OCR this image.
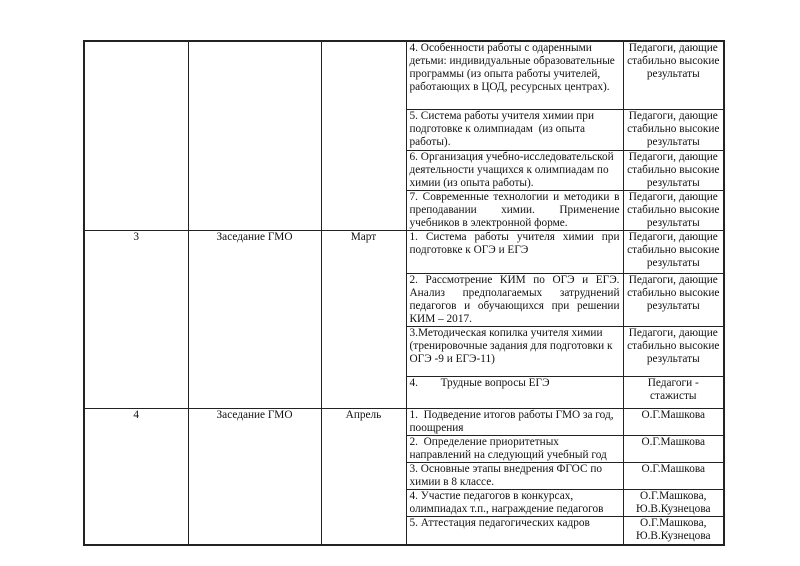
			4. Особенности работы с одаренными детьми: индивидуальные образовательные программы (из опыта работы учителей, работающих в ЦОД, ресурсных центрах).	Педагоги, дающие стабильно высокие результаты
			5. Система работы учителя химии при подготовке к олимпиадам  (из опыта работы).	Педагоги, дающие стабильно высокие результаты
			6. Организация учебно-исследовательской деятельности учащихся к олимпиадам по химии (из опыта работы).	Педагоги, дающие стабильно высокие результаты
			7. Современные технологии и методики в преподавании химии. Применение учебников в электронной форме.	Педагоги, дающие стабильно высокие результаты
3	Заседание ГМО	Март	1. Система работы учителя химии при подготовке к ОГЭ и ЕГЭ	Педагоги, дающие стабильно высокие результаты
			2. Рассмотрение КИМ по ОГЭ и ЕГЭ. Анализ предполагаемых затруднений педагогов и обучающихся при решении КИМ – 2017.	Педагоги, дающие стабильно высокие результаты
			3.Методическая копилка учителя химии (тренировочные задания для подготовки к ОГЭ -9 и ЕГЭ-11)	Педагоги, дающие стабильно высокие результаты
			4.        Трудные вопросы ЕГЭ	Педагоги - стажисты
4	Заседание ГМО	Апрель	1.  Подведение итогов работы ГМО за год, поощрения	О.Г.Машкова
			2.  Определение приоритетных направлений на следующий учебный год	О.Г.Машкова
			3. Основные этапы внедрения ФГОС по химии в 8 классе.	О.Г.Машкова
			4. Участие педагогов в конкурсах, олимпиадах т.п., награждение педагогов	О.Г.Машкова, Ю.В.Кузнецова
			5. Аттестация педагогических кадров	О.Г.Машкова, Ю.В.Кузнецова
